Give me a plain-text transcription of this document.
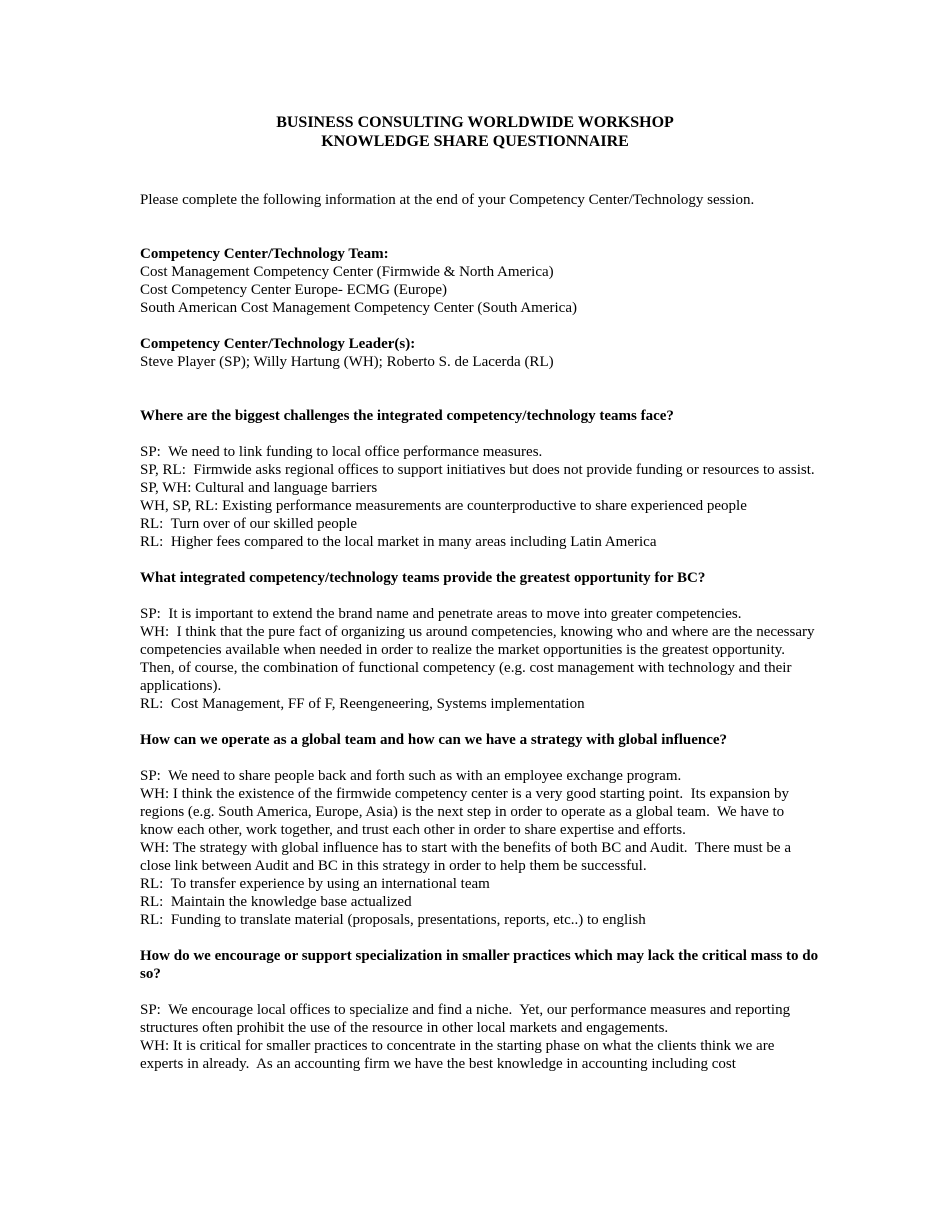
BUSINESS CONSULTING WORLDWIDE WORKSHOP
KNOWLEDGE SHARE QUESTIONNAIRE
Please complete the following information at the end of your Competency Center/Technology session.
Competency Center/Technology Team:
Cost Management Competency Center (Firmwide & North America)
Cost Competency Center Europe- ECMG (Europe)
South American Cost Management Competency Center (South America)
Competency Center/Technology Leader(s):
Steve Player (SP); Willy Hartung (WH); Roberto S. de Lacerda (RL)
Where are the biggest challenges the integrated competency/technology teams face?
SP:  We need to link funding to local office performance measures.
SP, RL:  Firmwide asks regional offices to support initiatives but does not provide funding or resources to assist.
SP, WH: Cultural and language barriers
WH, SP, RL: Existing performance measurements are counterproductive to share experienced people
RL:  Turn over of our skilled people
RL:  Higher fees compared to the local market in many areas including Latin America
What integrated competency/technology teams provide the greatest opportunity for BC?
SP:  It is important to extend the brand name and penetrate areas to move into greater competencies.
WH:  I think that the pure fact of organizing us around competencies, knowing who and where are the necessary competencies available when needed in order to realize the market opportunities is the greatest opportunity.  Then, of course, the combination of functional competency (e.g. cost management with technology and their applications).
RL:  Cost Management, FF of F, Reengeneering, Systems implementation
How can we operate as a global team and how can we have a strategy with global influence?
SP:  We need to share people back and forth such as with an employee exchange program.
WH: I think the existence of the firmwide competency center is a very good starting point.  Its expansion by regions (e.g. South America, Europe, Asia) is the next step in order to operate as a global team.  We have to know each other, work together, and trust each other in order to share expertise and efforts.
WH: The strategy with global influence has to start with the benefits of both BC and Audit.  There must be a close link between Audit and BC in this strategy in order to help them be successful.
RL:  To transfer experience by using an international team
RL:  Maintain the knowledge base actualized
RL:  Funding to translate material (proposals, presentations, reports, etc..) to english
How do we encourage or support specialization in smaller practices which may lack the critical mass to do so?
SP:  We encourage local offices to specialize and find a niche.  Yet, our performance measures and reporting structures often prohibit the use of the resource in other local markets and engagements.
WH: It is critical for smaller practices to concentrate in the starting phase on what the clients think we are experts in already.  As an accounting firm we have the best knowledge in accounting including cost
